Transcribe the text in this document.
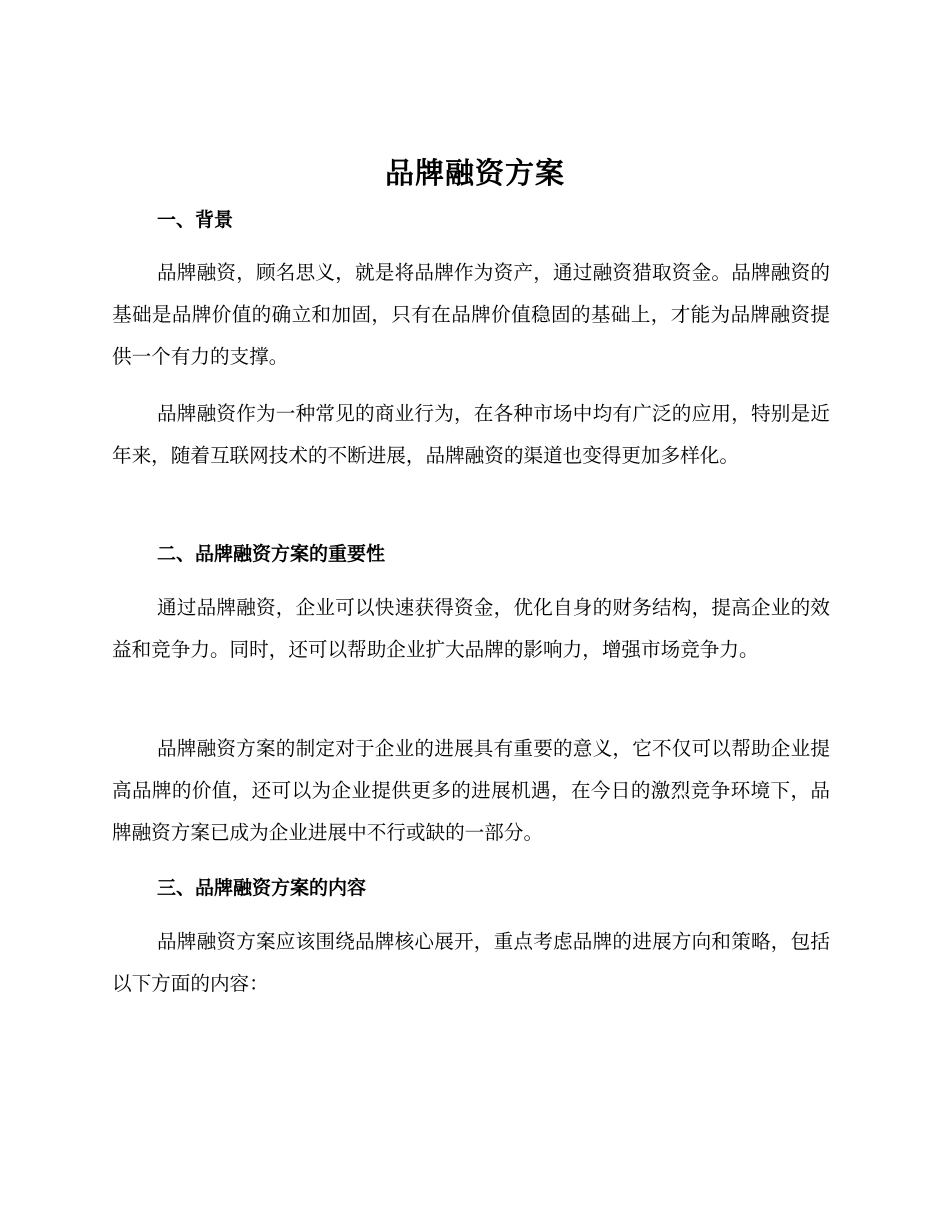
品牌融资方案
一、背景

品牌融资，顾名思义，就是将品牌作为资产，通过融资猎取资金。品牌融资的基础是品牌价值的确立和加固，只有在品牌价值稳固的基础上，才能为品牌融资提供一个有力的支撑。

品牌融资作为一种常见的商业行为，在各种市场中均有广泛的应用，特别是近年来，随着互联网技术的不断进展，品牌融资的渠道也变得更加多样化。

二、品牌融资方案的重要性

通过品牌融资，企业可以快速获得资金，优化自身的财务结构，提高企业的效益和竞争力。同时，还可以帮助企业扩大品牌的影响力，增强市场竞争力。

品牌融资方案的制定对于企业的进展具有重要的意义，它不仅可以帮助企业提高品牌的价值，还可以为企业提供更多的进展机遇，在今日的激烈竞争环境下，品牌融资方案已成为企业进展中不行或缺的一部分。

三、品牌融资方案的内容

品牌融资方案应该围绕品牌核心展开，重点考虑品牌的进展方向和策略，包括以下方面的内容：
